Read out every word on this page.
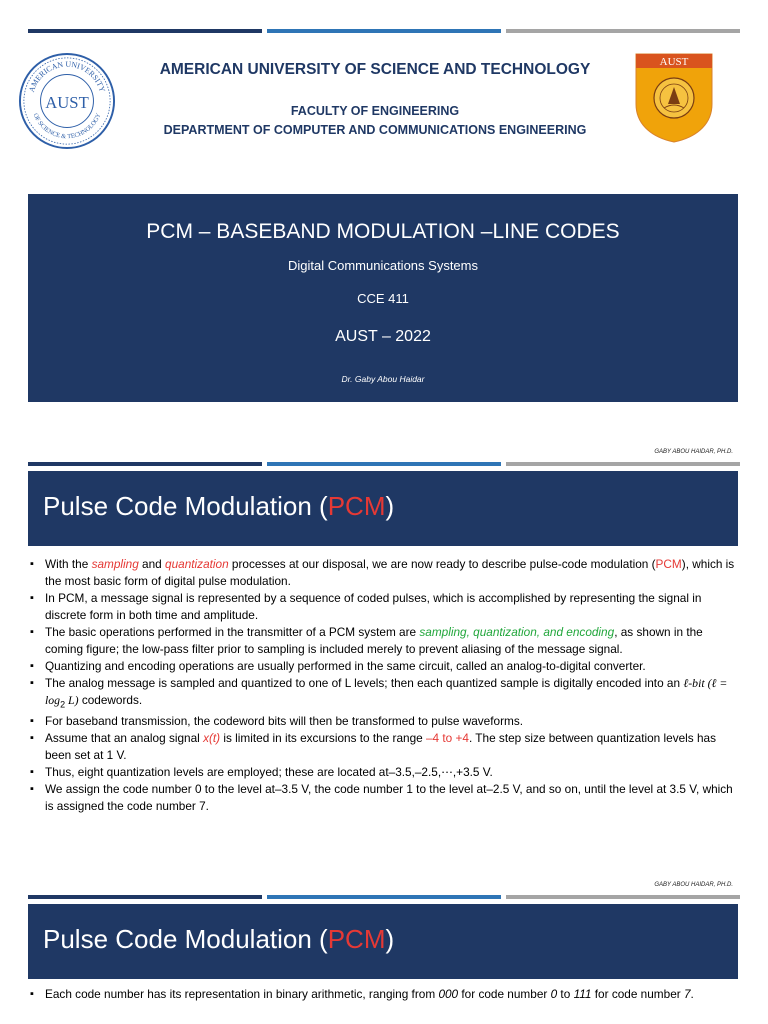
AMERICAN UNIVERSITY
OF SCIENCE & TECHNOLOGY
AUST
AMERICAN UNIVERSITY OF SCIENCE AND TECHNOLOGY
FACULTY OF ENGINEERING
DEPARTMENT OF COMPUTER AND COMMUNICATIONS ENGINEERING
AUST
PCM – BASEBAND MODULATION –LINE CODES
Digital Communications Systems
CCE 411
AUST – 2022
Dr. Gaby Abou Haidar
GABY ABOU HAIDAR, PH.D.
Pulse Code Modulation (PCM)
▪ With the sampling and quantization processes at our disposal, we are now ready to describe pulse-code modulation (PCM), which is the most basic form of digital pulse modulation.
▪ In PCM, a message signal is represented by a sequence of coded pulses, which is accomplished by representing the signal in discrete form in both time and amplitude.
▪ The basic operations performed in the transmitter of a PCM system are sampling, quantization, and encoding, as shown in the coming figure; the low-pass filter prior to sampling is included merely to prevent aliasing of the message signal.
▪ Quantizing and encoding operations are usually performed in the same circuit, called an analog-to-digital converter.
▪ The analog message is sampled and quantized to one of L levels; then each quantized sample is digitally encoded into an ℓ-bit (ℓ = $\log_2 L$) codewords.
▪ For baseband transmission, the codeword bits will then be transformed to pulse waveforms.
▪ Assume that an analog signal x(t) is limited in its excursions to the range –4 to +4. The step size between quantization levels has been set at 1 V.
▪ Thus, eight quantization levels are employed; these are located at–3.5,–2.5,⋯,+3.5 V.
▪ We assign the code number 0 to the level at–3.5 V, the code number 1 to the level at–2.5 V, and so on, until the level at 3.5 V, which is assigned the code number 7.
GABY ABOU HAIDAR, PH.D.
Pulse Code Modulation (PCM)
▪ Each code number has its representation in binary arithmetic, ranging from 000 for code number 0 to 111 for code number 7.
